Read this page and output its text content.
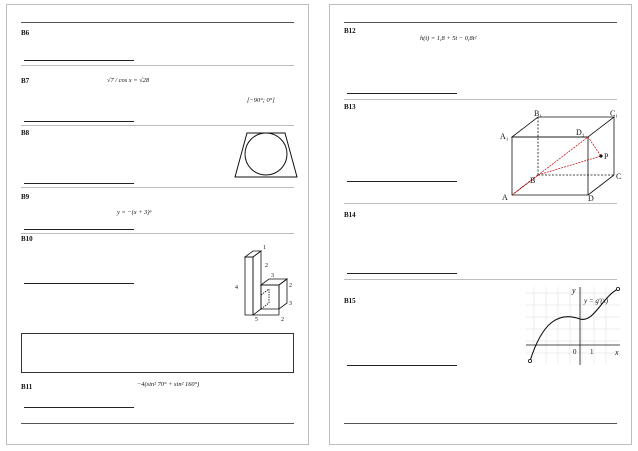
B6
B7	√7 / cos x = √28
[−90°; 0°]
B8
B9
y = −(x + 3)⁶
B10
1
2
3
2
4
5
3
2
B11	−4(sin² 70° + sin² 160°)
B12
h(t) = 1,8 + 5t − 0,8t²
B13
B₁	C₁
A₁	D₁
B	C
A	D
P
B14
B15
y
x
y = g′(x)
0 1
